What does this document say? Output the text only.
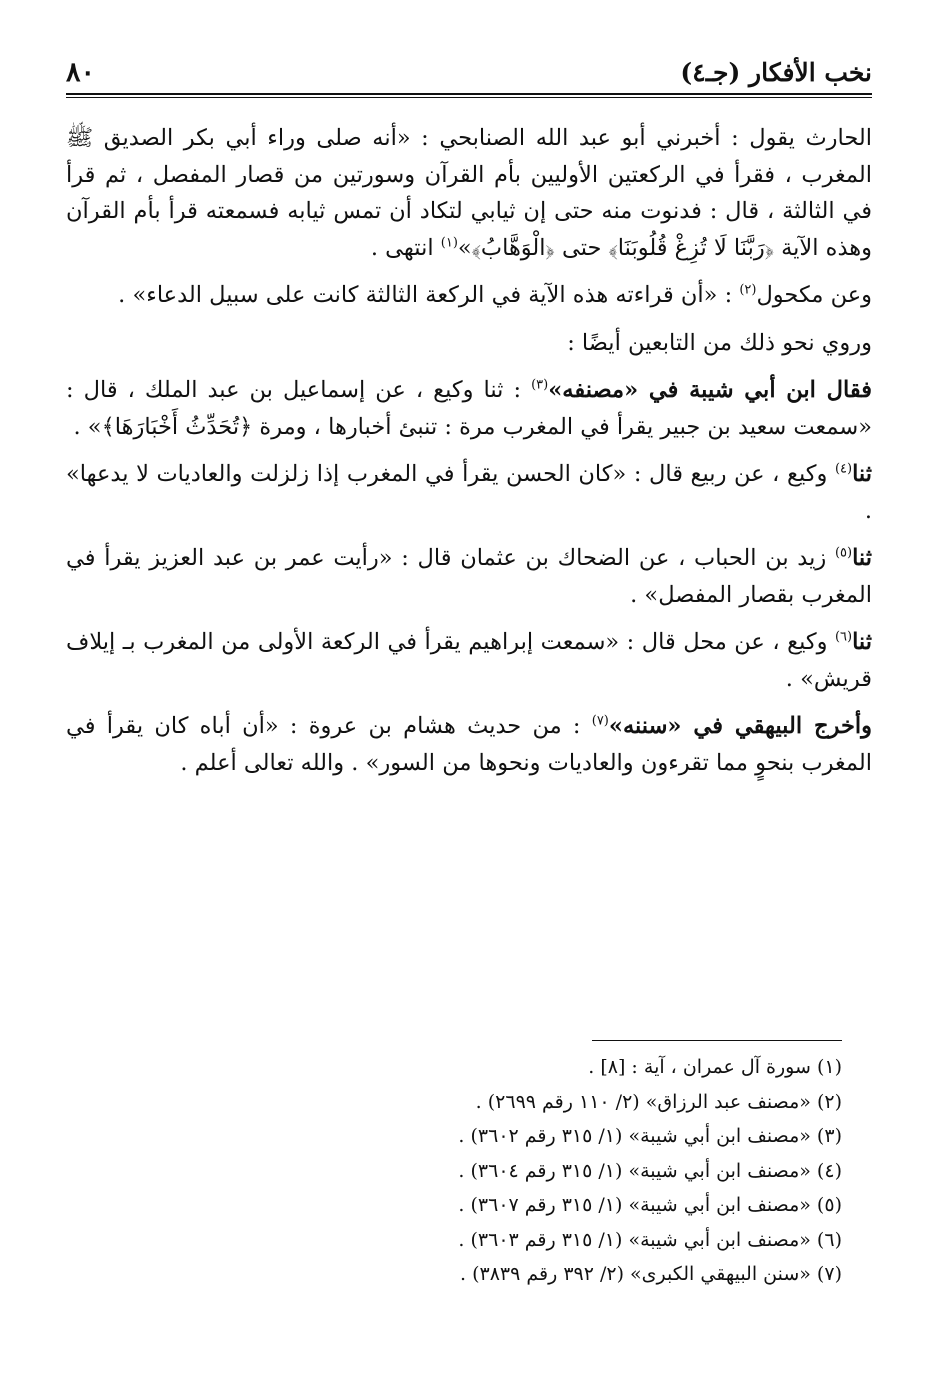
نخب الأفكار (جـ٤)
٨٠

الحارث يقول : أخبرني أبو عبد الله الصنابحي : «أنه صلى وراء أبي بكر الصديق ﷺ المغرب ، فقرأ في الركعتين الأوليين بأم القرآن وسورتين من قصار المفصل ، ثم قرأ في الثالثة ، قال : فدنوت منه حتى إن ثيابي لتكاد أن تمس ثيابه فسمعته قرأ بأم القرآن وهذه الآية ﴿رَبَّنَا لَا تُزِغْ قُلُوبَنَا﴾ حتى ﴿الْوَهَّابُ﴾»$^{(١)}$ انتهى .

وعن مكحول$^{(٢)}$ : «أن قراءته هذه الآية في الركعة الثالثة كانت على سبيل الدعاء» .

وروي نحو ذلك من التابعين أيضًا :

فقال ابن أبي شيبة في «مصنفه»$^{(٣)}$ : ثنا وكيع ، عن إسماعيل بن عبد الملك ، قال : «سمعت سعيد بن جبير يقرأ في المغرب مرة : تنبئ أخبارها ، ومرة ﴿تُحَدِّثُ أَخْبَارَهَا﴾» .

ثنا$^{(٤)}$ وكيع ، عن ربيع قال : «كان الحسن يقرأ في المغرب إذا زلزلت والعاديات لا يدعها» .

ثنا$^{(٥)}$ زيد بن الحباب ، عن الضحاك بن عثمان قال : «رأيت عمر بن عبد العزيز يقرأ في المغرب بقصار المفصل» .

ثنا$^{(٦)}$ وكيع ، عن محل قال : «سمعت إبراهيم يقرأ في الركعة الأولى من المغرب بـ إيلاف قريش» .

وأخرج البيهقي في «سننه»$^{(٧)}$ : من حديث هشام بن عروة : «أن أباه كان يقرأ في المغرب بنحوٍ مما تقرءون والعاديات ونحوها من السور» . والله تعالى أعلم .

(١) سورة آل عمران ، آية : [٨] .
(٢) «مصنف عبد الرزاق» (٢/ ١١٠ رقم ٢٦٩٩) .
(٣) «مصنف ابن أبي شيبة» (١/ ٣١٥ رقم ٣٦٠٢) .
(٤) «مصنف ابن أبي شيبة» (١/ ٣١٥ رقم ٣٦٠٤) .
(٥) «مصنف ابن أبي شيبة» (١/ ٣١٥ رقم ٣٦٠٧) .
(٦) «مصنف ابن أبي شيبة» (١/ ٣١٥ رقم ٣٦٠٣) .
(٧) «سنن البيهقي الكبرى» (٢/ ٣٩٢ رقم ٣٨٣٩) .
